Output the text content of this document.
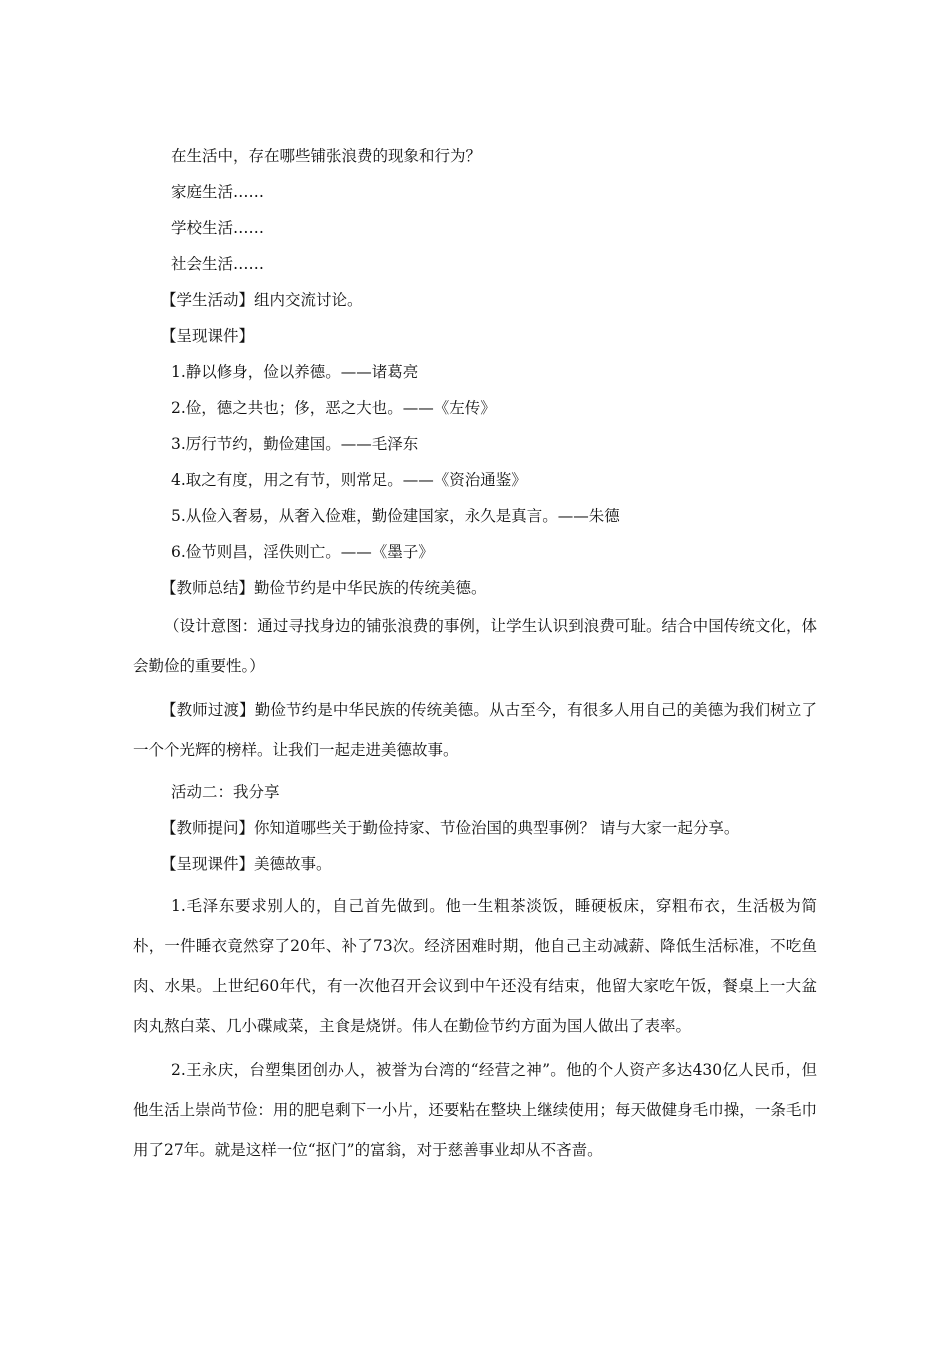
在生活中，存在哪些铺张浪费的现象和行为？

家庭生活……

学校生活……

社会生活……

【学生活动】组内交流讨论。

【呈现课件】

1.静以修身，俭以养德。——诸葛亮

2.俭，德之共也；侈，恶之大也。——《左传》

3.厉行节约，勤俭建国。——毛泽东

4.取之有度，用之有节，则常足。——《资治通鉴》

5.从俭入奢易，从奢入俭难，勤俭建国家，永久是真言。——朱德

6.俭节则昌，淫佚则亡。——《墨子》

【教师总结】勤俭节约是中华民族的传统美德。

（设计意图：通过寻找身边的铺张浪费的事例，让学生认识到浪费可耻。结合中国传统文化，体会勤俭的重要性。）

【教师过渡】勤俭节约是中华民族的传统美德。从古至今，有很多人用自己的美德为我们树立了一个个光辉的榜样。让我们一起走进美德故事。

活动二：我分享

【教师提问】你知道哪些关于勤俭持家、节俭治国的典型事例？ 请与大家一起分享。

【呈现课件】美德故事。

1.毛泽东要求别人的，自己首先做到。他一生粗茶淡饭，睡硬板床，穿粗布衣，生活极为简朴，一件睡衣竟然穿了20年、补了73次。经济困难时期，他自己主动减薪、降低生活标准，不吃鱼肉、水果。上世纪60年代，有一次他召开会议到中午还没有结束，他留大家吃午饭，餐桌上一大盆肉丸熬白菜、几小碟咸菜，主食是烧饼。伟人在勤俭节约方面为国人做出了表率。

2.王永庆，台塑集团创办人，被誉为台湾的“经营之神”。他的个人资产多达430亿人民币，但他生活上崇尚节俭：用的肥皂剩下一小片，还要粘在整块上继续使用；每天做健身毛巾操，一条毛巾用了27年。就是这样一位“抠门”的富翁，对于慈善事业却从不吝啬。
